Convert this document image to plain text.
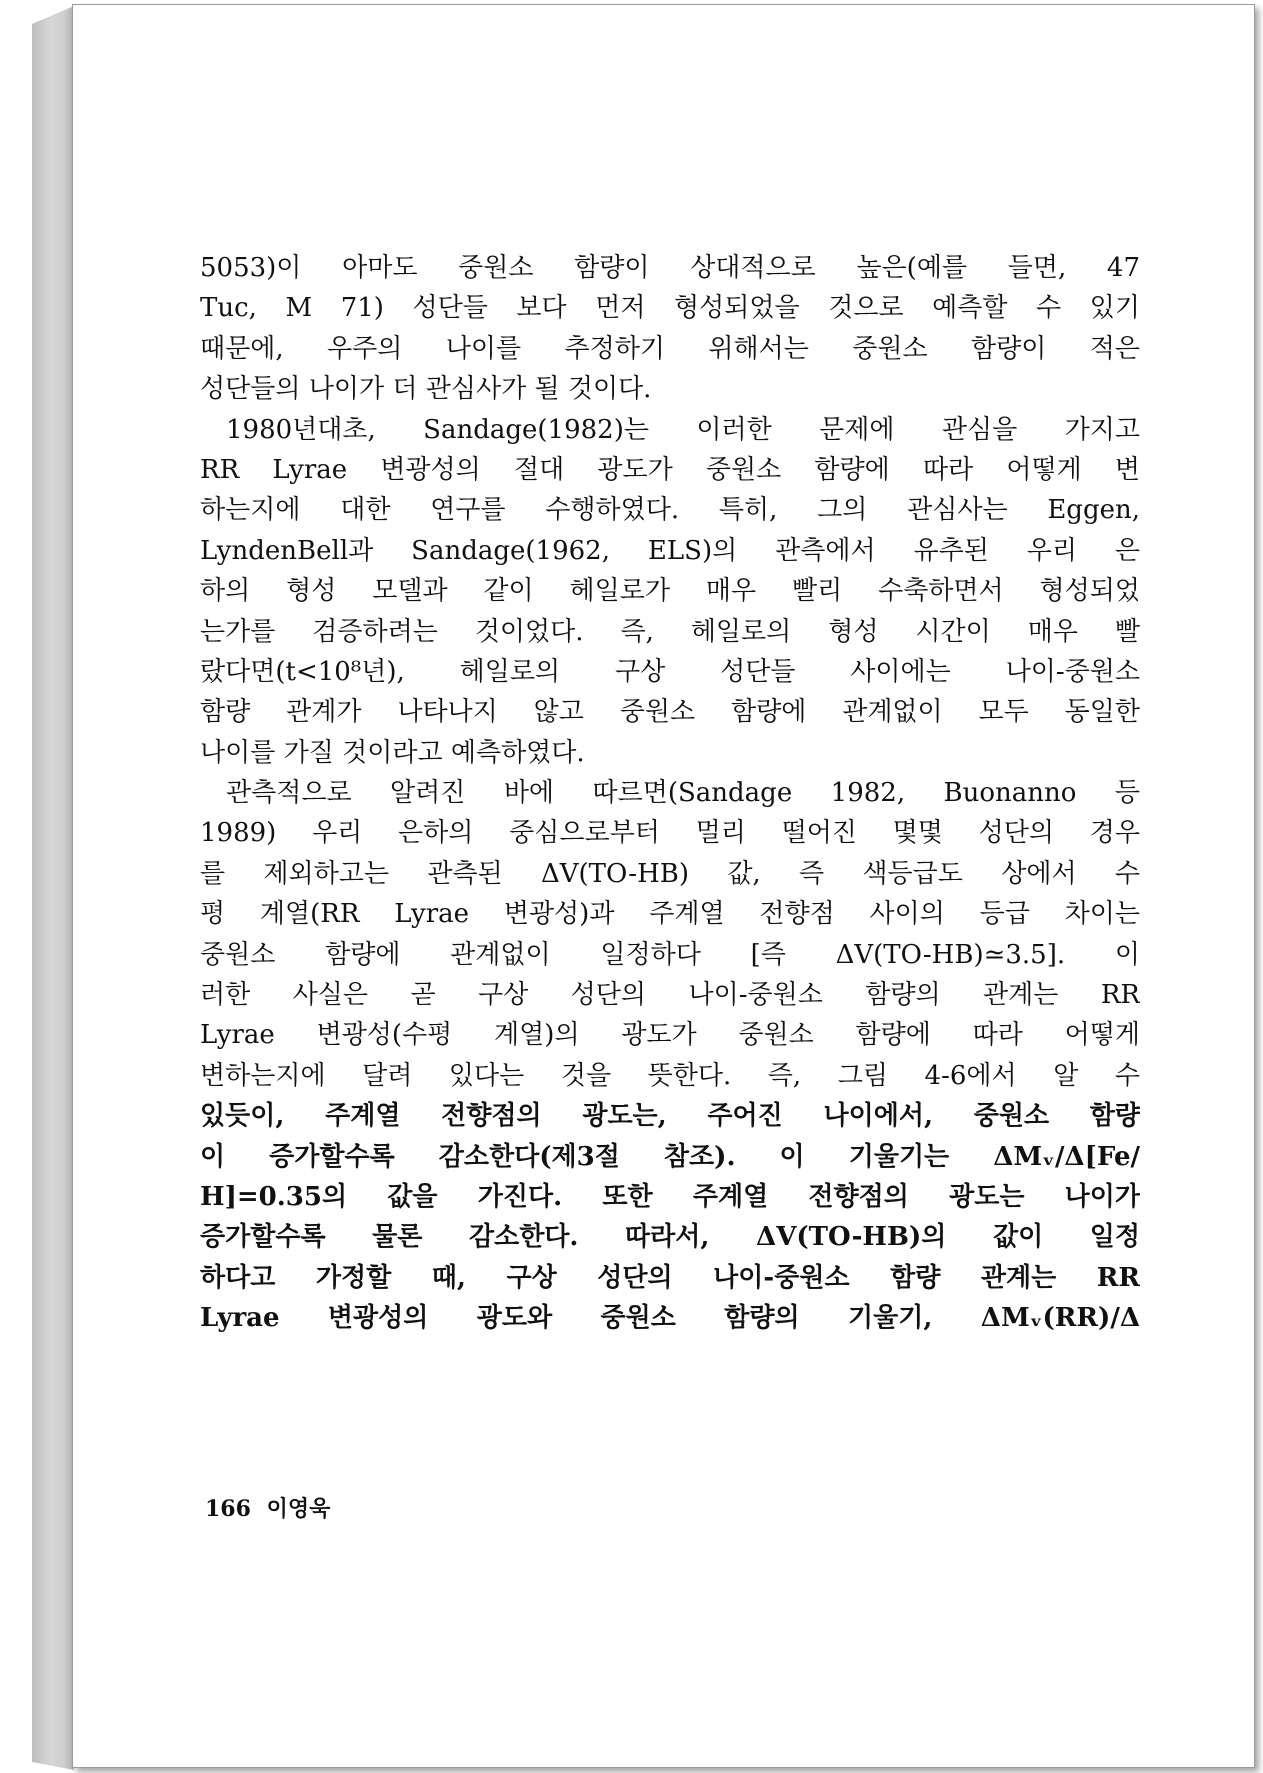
5053)이 아마도 중원소 함량이 상대적으로 높은(예를 들면, 47
Tuc, M 71) 성단들 보다 먼저 형성되었을 것으로 예측할 수 있기
때문에, 우주의 나이를 추정하기 위해서는 중원소 함량이 적은
성단들의 나이가 더 관심사가 될 것이다.
1980년대초, Sandage(1982)는 이러한 문제에 관심을 가지고
RR Lyrae 변광성의 절대 광도가 중원소 함량에 따라 어떻게 변
하는지에 대한 연구를 수행하였다. 특히, 그의 관심사는 Eggen,
LyndenBell과 Sandage(1962, ELS)의 관측에서 유추된 우리 은
하의 형성 모델과 같이 헤일로가 매우 빨리 수축하면서 형성되었
는가를 검증하려는 것이었다. 즉, 헤일로의 형성 시간이 매우 빨
랐다면(t<10⁸년), 헤일로의 구상 성단들 사이에는 나이-중원소
함량 관계가 나타나지 않고 중원소 함량에 관계없이 모두 동일한
나이를 가질 것이라고 예측하였다.
관측적으로 알려진 바에 따르면(Sandage 1982, Buonanno 등
1989) 우리 은하의 중심으로부터 멀리 떨어진 몇몇 성단의 경우
를 제외하고는 관측된 ΔV(TO-HB) 값, 즉 색등급도 상에서 수
평 계열(RR Lyrae 변광성)과 주계열 전향점 사이의 등급 차이는
중원소 함량에 관계없이 일정하다 [즉 ΔV(TO-HB)≃3.5]. 이
러한 사실은 곧 구상 성단의 나이-중원소 함량의 관계는 RR
Lyrae 변광성(수평 계열)의 광도가 중원소 함량에 따라 어떻게
변하는지에 달려 있다는 것을 뜻한다. 즉, 그림 4-6에서 알 수
있듯이, 주계열 전향점의 광도는, 주어진 나이에서, 중원소 함량
이 증가할수록 감소한다(제3절 참조). 이 기울기는 ΔMᵥ/Δ[Fe/
H]=0.35의 값을 가진다. 또한 주계열 전향점의 광도는 나이가
증가할수록 물론 감소한다. 따라서, ΔV(TO-HB)의 값이 일정
하다고 가정할 때, 구상 성단의 나이-중원소 함량 관계는 RR
Lyrae 변광성의 광도와 중원소 함량의 기울기, ΔMᵥ(RR)/Δ
166 이영욱
